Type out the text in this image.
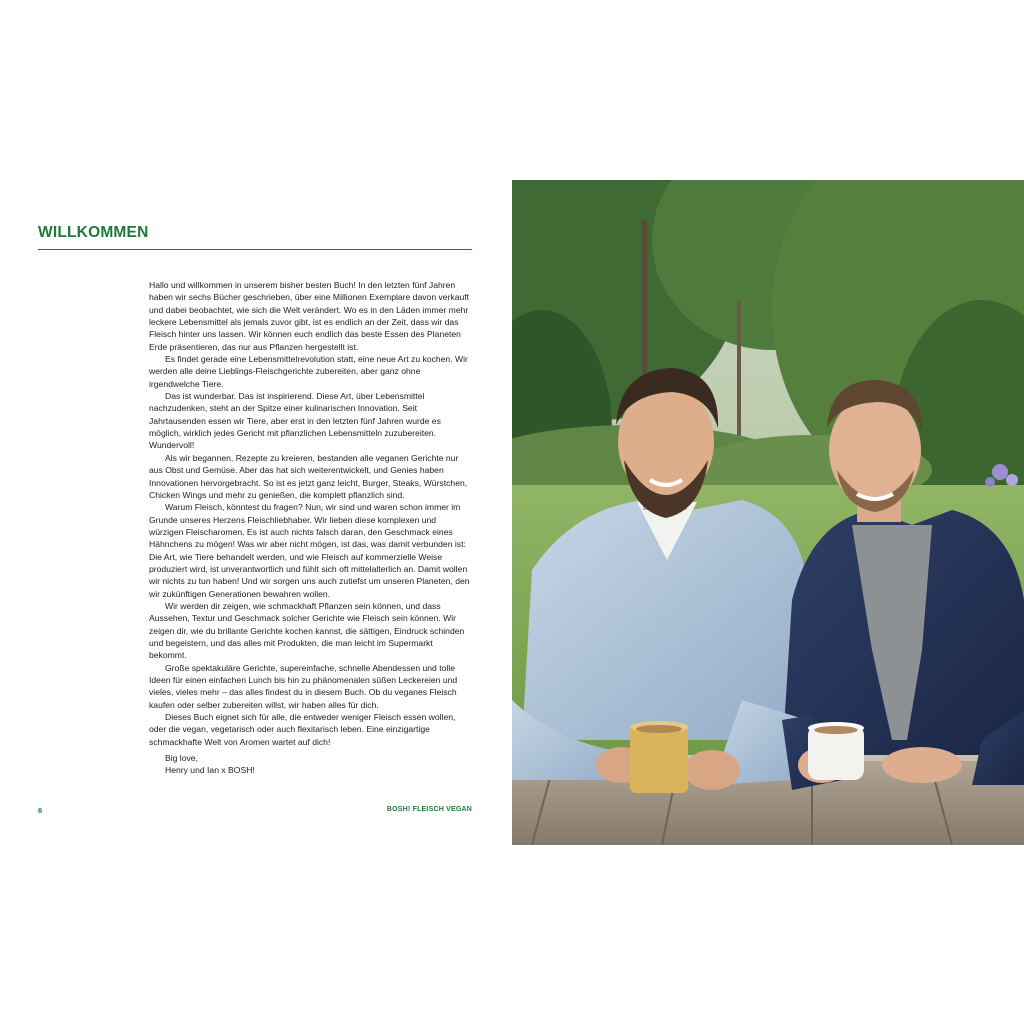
WILLKOMMEN

Hallo und willkommen in unserem bisher besten Buch! In den letzten fünf Jahren haben wir sechs Bücher geschrieben, über eine Millionen Exemplare davon verkauft und dabei beobachtet, wie sich die Welt verändert. Wo es in den Läden immer mehr leckere Lebensmittel als jemals zuvor gibt, ist es endlich an der Zeit, dass wir das Fleisch hinter uns lassen. Wir können euch endlich das beste Essen des Planeten Erde präsentieren, das nur aus Pflanzen hergestellt ist.

Es findet gerade eine Lebensmittelrevolution statt, eine neue Art zu kochen. Wir werden alle deine Lieblings-Fleischgerichte zubereiten, aber ganz ohne irgendwelche Tiere.

Das ist wunderbar. Das ist inspirierend. Diese Art, über Lebensmittel nachzudenken, steht an der Spitze einer kulinarischen Innovation. Seit Jahrtausenden essen wir Tiere, aber erst in den letzten fünf Jahren wurde es möglich, wirklich jedes Gericht mit pflanzlichen Lebensmitteln zuzubereiten. Wundervoll!

Als wir begannen, Rezepte zu kreieren, bestanden alle veganen Gerichte nur aus Obst und Gemüse. Aber das hat sich weiterentwickelt, und Genies haben Innovationen hervorgebracht. So ist es jetzt ganz leicht, Burger, Steaks, Würstchen, Chicken Wings und mehr zu genießen, die komplett pflanzlich sind.

Warum Fleisch, könntest du fragen? Nun, wir sind und waren schon immer im Grunde unseres Herzens Fleischliebhaber. Wir lieben diese komplexen und würzigen Fleischaromen. Es ist auch nichts falsch daran, den Geschmack eines Hähnchens zu mögen! Was wir aber nicht mögen, ist das, was damit verbunden ist: Die Art, wie Tiere behandelt werden, und wie Fleisch auf kommerzielle Weise produziert wird, ist unverantwortlich und fühlt sich oft mittelalterlich an. Damit wollen wir nichts zu tun haben! Und wir sorgen uns auch zutiefst um unseren Planeten, den wir zukünftigen Generationen bewahren wollen.

Wir werden dir zeigen, wie schmackhaft Pflanzen sein können, und dass Aussehen, Textur und Geschmack solcher Gerichte wie Fleisch sein können. Wir zeigen dir, wie du brillante Gerichte kochen kannst, die sättigen, Eindruck schinden und begeistern, und das alles mit Produkten, die man leicht im Supermarkt bekommt.

Große spektakuläre Gerichte, supereinfache, schnelle Abendessen und tolle Ideen für einen einfachen Lunch bis hin zu phänomenalen süßen Leckereien und vieles, vieles mehr – das alles findest du in diesem Buch. Ob du veganes Fleisch kaufen oder selber zubereiten willst, wir haben alles für dich.

Dieses Buch eignet sich für alle, die entweder weniger Fleisch essen wollen, oder die vegan, vegetarisch oder auch flexitarisch leben. Eine einzigartige schmackhafte Welt von Aromen wartet auf dich!

Big love,
Henry und Ian x BOSH!
6	BOSH! FLEISCH VEGAN
